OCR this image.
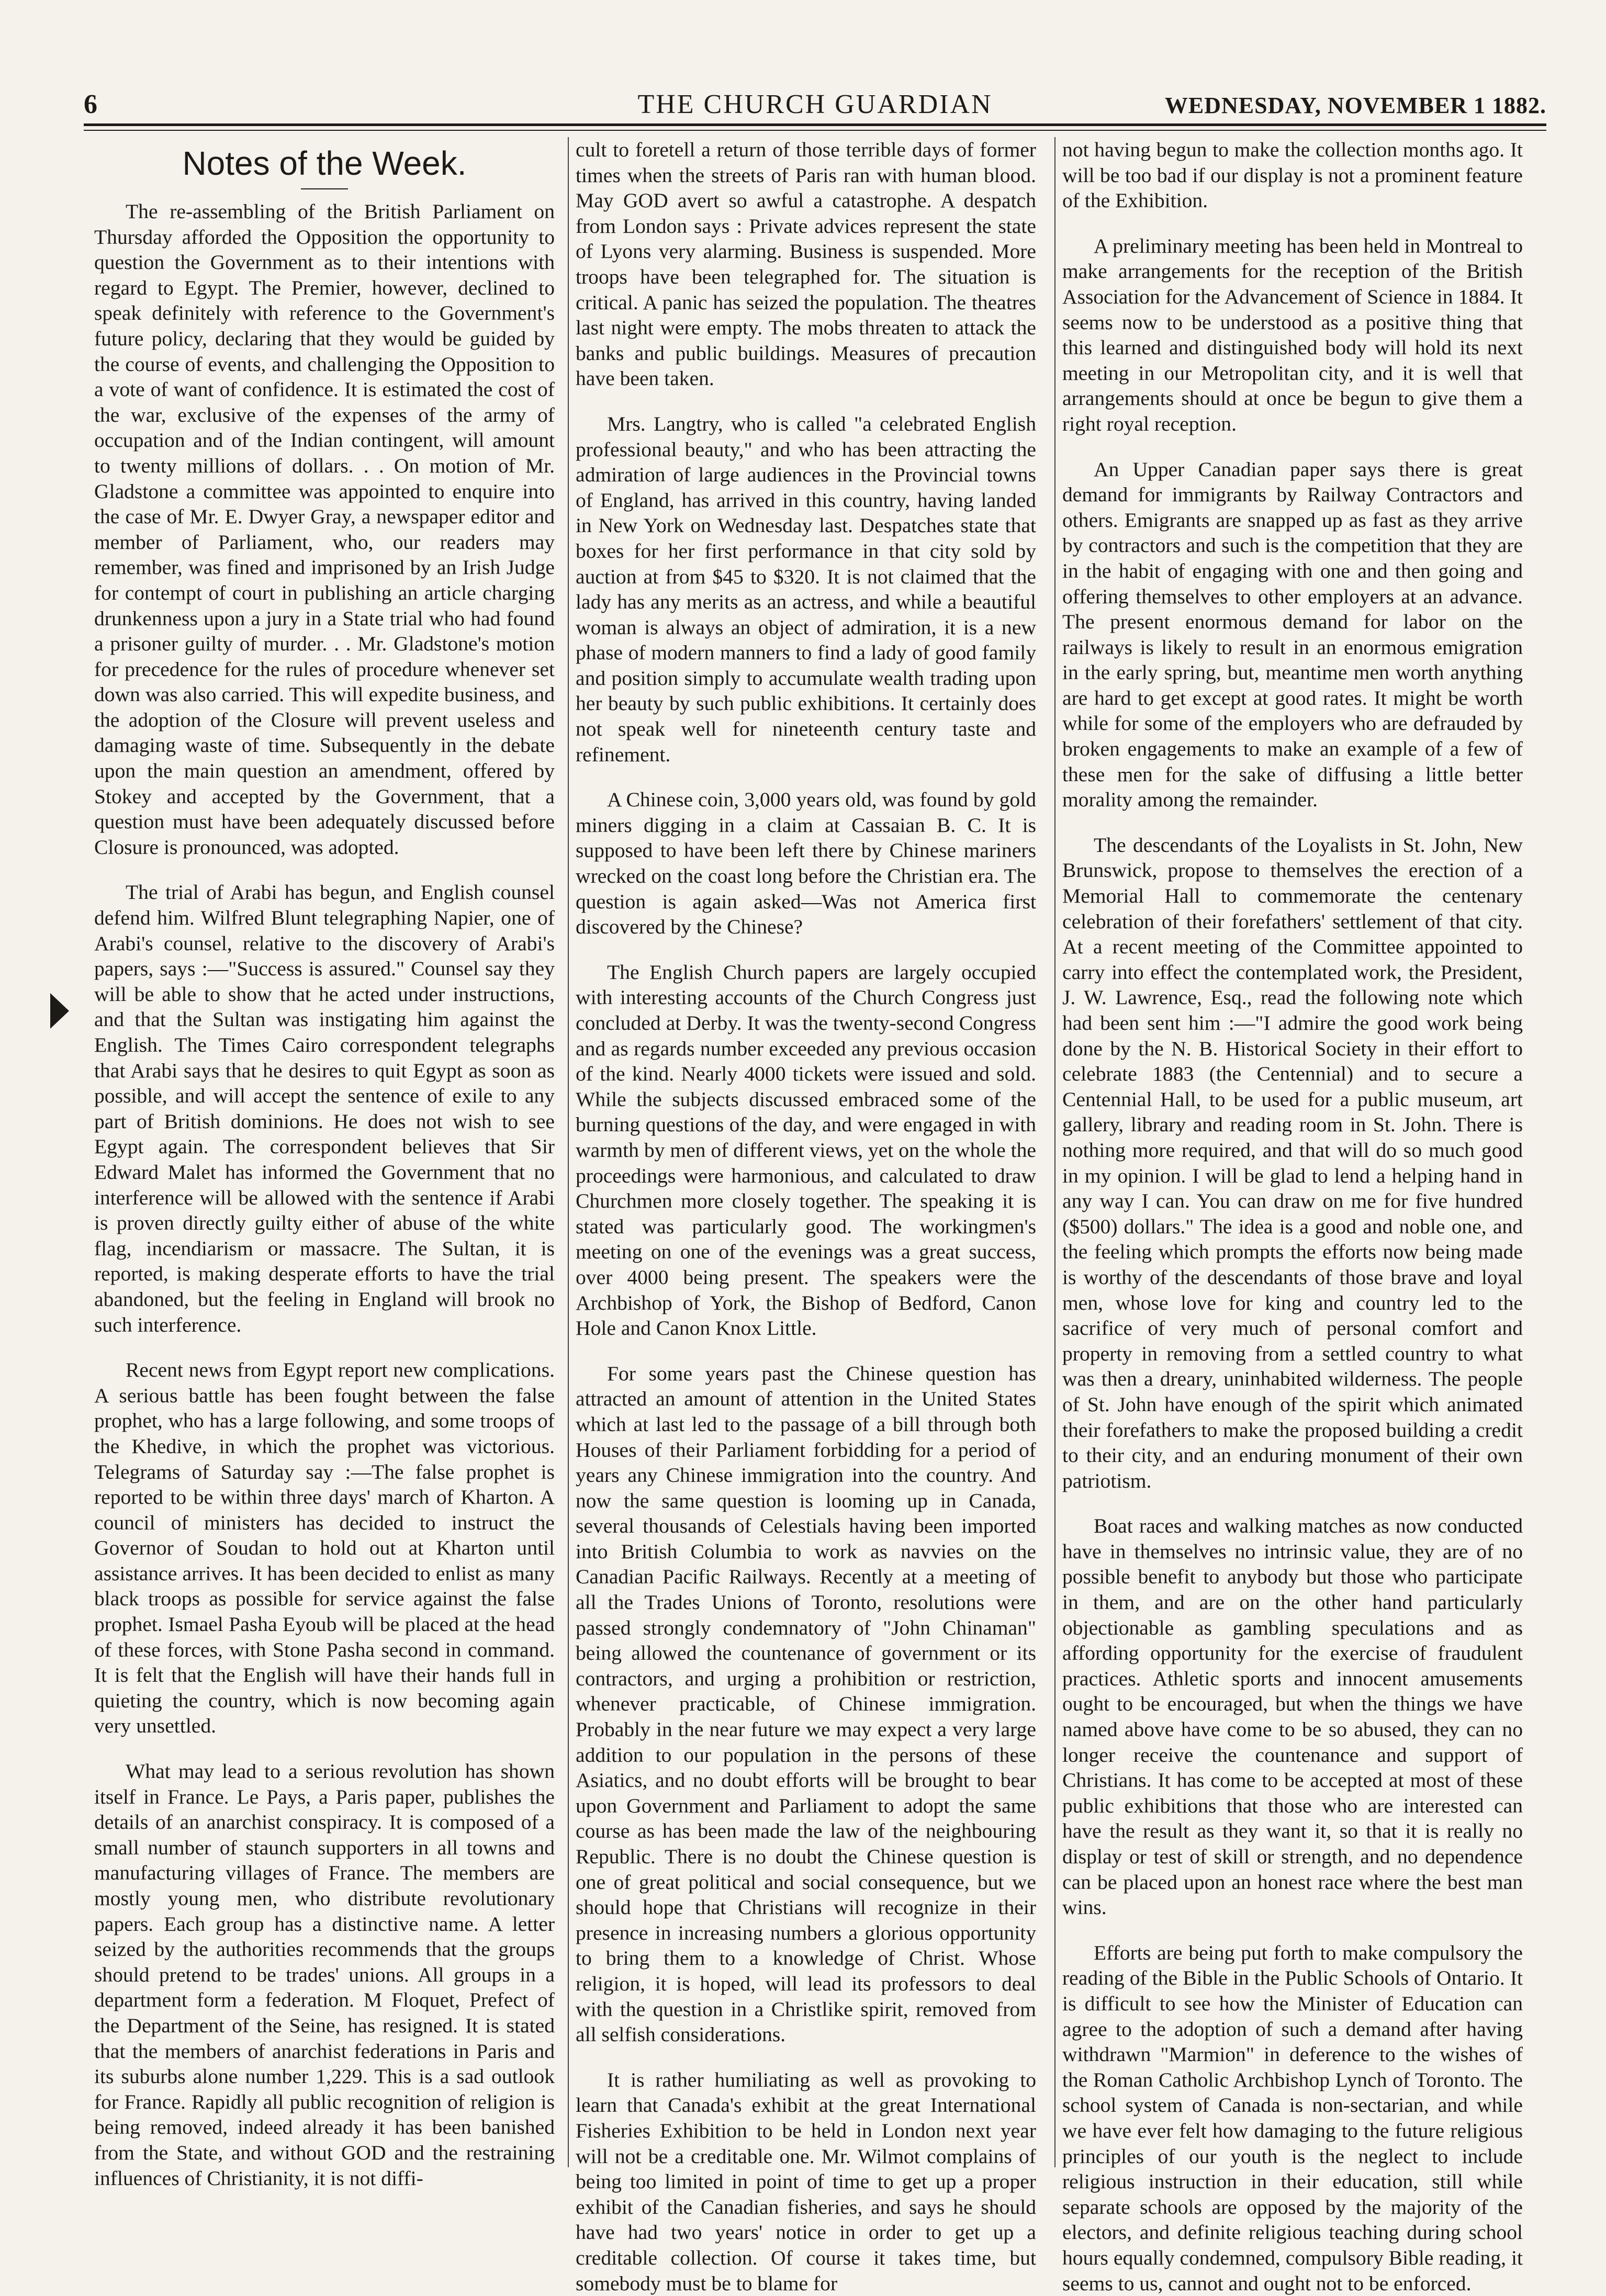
6	THE CHURCH GUARDIAN	WEDNESDAY, NOVEMBER 1 1882.
Notes of the Week.

The re-assembling of the British Parliament on Thursday afforded the Opposition the opportunity to question the Government as to their intentions with regard to Egypt. The Premier, however, declined to speak definitely with reference to the Government's future policy, declaring that they would be guided by the course of events, and challenging the Opposition to a vote of want of confidence. It is estimated the cost of the war, exclusive of the expenses of the army of occupation and of the Indian contingent, will amount to twenty millions of dollars. . . On motion of Mr. Gladstone a committee was appointed to enquire into the case of Mr. E. Dwyer Gray, a newspaper editor and member of Parliament, who, our readers may remember, was fined and imprisoned by an Irish Judge for contempt of court in publishing an article charging drunkenness upon a jury in a State trial who had found a prisoner guilty of murder. . . Mr. Gladstone's motion for precedence for the rules of procedure whenever set down was also carried. This will expedite business, and the adoption of the Closure will prevent useless and damaging waste of time. Subsequently in the debate upon the main question an amendment, offered by Stokey and accepted by the Government, that a question must have been adequately discussed before Closure is pronounced, was adopted.

The trial of Arabi has begun, and English counsel defend him. Wilfred Blunt telegraphing Napier, one of Arabi's counsel, relative to the discovery of Arabi's papers, says :—"Success is assured." Counsel say they will be able to show that he acted under instructions, and that the Sultan was instigating him against the English. The Times Cairo correspondent telegraphs that Arabi says that he desires to quit Egypt as soon as possible, and will accept the sentence of exile to any part of British dominions. He does not wish to see Egypt again. The correspondent believes that Sir Edward Malet has informed the Government that no interference will be allowed with the sentence if Arabi is proven directly guilty either of abuse of the white flag, incendiarism or massacre. The Sultan, it is reported, is making desperate efforts to have the trial abandoned, but the feeling in England will brook no such interference.

Recent news from Egypt report new complications. A serious battle has been fought between the false prophet, who has a large following, and some troops of the Khedive, in which the prophet was victorious. Telegrams of Saturday say :—The false prophet is reported to be within three days' march of Kharton. A council of ministers has decided to instruct the Governor of Soudan to hold out at Kharton until assistance arrives. It has been decided to enlist as many black troops as possible for service against the false prophet. Ismael Pasha Eyoub will be placed at the head of these forces, with Stone Pasha second in command. It is felt that the English will have their hands full in quieting the country, which is now becoming again very unsettled.

What may lead to a serious revolution has shown itself in France. Le Pays, a Paris paper, publishes the details of an anarchist conspiracy. It is composed of a small number of staunch supporters in all towns and manufacturing villages of France. The members are mostly young men, who distribute revolutionary papers. Each group has a distinctive name. A letter seized by the authorities recommends that the groups should pretend to be trades' unions. All groups in a department form a federation. M Floquet, Prefect of the Department of the Seine, has resigned. It is stated that the members of anarchist federations in Paris and its suburbs alone number 1,229. This is a sad outlook for France. Rapidly all public recognition of religion is being removed, indeed already it has been banished from the State, and without GOD and the restraining influences of Christianity, it is not diffi-

cult to foretell a return of those terrible days of former times when the streets of Paris ran with human blood. May GOD avert so awful a catastrophe. A despatch from London says : Private advices represent the state of Lyons very alarming. Business is suspended. More troops have been telegraphed for. The situation is critical. A panic has seized the population. The theatres last night were empty. The mobs threaten to attack the banks and public buildings. Measures of precaution have been taken.

Mrs. Langtry, who is called "a celebrated English professional beauty," and who has been attracting the admiration of large audiences in the Provincial towns of England, has arrived in this country, having landed in New York on Wednesday last. Despatches state that boxes for her first performance in that city sold by auction at from $45 to $320. It is not claimed that the lady has any merits as an actress, and while a beautiful woman is always an object of admiration, it is a new phase of modern manners to find a lady of good family and position simply to accumulate wealth trading upon her beauty by such public exhibitions. It certainly does not speak well for nineteenth century taste and refinement.

A Chinese coin, 3,000 years old, was found by gold miners digging in a claim at Cassaian B. C. It is supposed to have been left there by Chinese mariners wrecked on the coast long before the Christian era. The question is again asked—Was not America first discovered by the Chinese?

The English Church papers are largely occupied with interesting accounts of the Church Congress just concluded at Derby. It was the twenty-second Congress and as regards number exceeded any previous occasion of the kind. Nearly 4000 tickets were issued and sold. While the subjects discussed embraced some of the burning questions of the day, and were engaged in with warmth by men of different views, yet on the whole the proceedings were harmonious, and calculated to draw Churchmen more closely together. The speaking it is stated was particularly good. The workingmen's meeting on one of the evenings was a great success, over 4000 being present. The speakers were the Archbishop of York, the Bishop of Bedford, Canon Hole and Canon Knox Little.

For some years past the Chinese question has attracted an amount of attention in the United States which at last led to the passage of a bill through both Houses of their Parliament forbidding for a period of years any Chinese immigration into the country. And now the same question is looming up in Canada, several thousands of Celestials having been imported into British Columbia to work as navvies on the Canadian Pacific Railways. Recently at a meeting of all the Trades Unions of Toronto, resolutions were passed strongly condemnatory of "John Chinaman" being allowed the countenance of government or its contractors, and urging a prohibition or restriction, whenever practicable, of Chinese immigration. Probably in the near future we may expect a very large addition to our population in the persons of these Asiatics, and no doubt efforts will be brought to bear upon Government and Parliament to adopt the same course as has been made the law of the neighbouring Republic. There is no doubt the Chinese question is one of great political and social consequence, but we should hope that Christians will recognize in their presence in increasing numbers a glorious opportunity to bring them to a knowledge of Christ. Whose religion, it is hoped, will lead its professors to deal with the question in a Christlike spirit, removed from all selfish considerations.

It is rather humiliating as well as provoking to learn that Canada's exhibit at the great International Fisheries Exhibition to be held in London next year will not be a creditable one. Mr. Wilmot complains of being too limited in point of time to get up a proper exhibit of the Canadian fisheries, and says he should have had two years' notice in order to get up a creditable collection. Of course it takes time, but somebody must be to blame for

not having begun to make the collection months ago. It will be too bad if our display is not a prominent feature of the Exhibition.

A preliminary meeting has been held in Montreal to make arrangements for the reception of the British Association for the Advancement of Science in 1884. It seems now to be understood as a positive thing that this learned and distinguished body will hold its next meeting in our Metropolitan city, and it is well that arrangements should at once be begun to give them a right royal reception.

An Upper Canadian paper says there is great demand for immigrants by Railway Contractors and others. Emigrants are snapped up as fast as they arrive by contractors and such is the competition that they are in the habit of engaging with one and then going and offering themselves to other employers at an advance. The present enormous demand for labor on the railways is likely to result in an enormous emigration in the early spring, but, meantime men worth anything are hard to get except at good rates. It might be worth while for some of the employers who are defrauded by broken engagements to make an example of a few of these men for the sake of diffusing a little better morality among the remainder.

The descendants of the Loyalists in St. John, New Brunswick, propose to themselves the erection of a Memorial Hall to commemorate the centenary celebration of their forefathers' settlement of that city. At a recent meeting of the Committee appointed to carry into effect the contemplated work, the President, J. W. Lawrence, Esq., read the following note which had been sent him :—"I admire the good work being done by the N. B. Historical Society in their effort to celebrate 1883 (the Centennial) and to secure a Centennial Hall, to be used for a public museum, art gallery, library and reading room in St. John. There is nothing more required, and that will do so much good in my opinion. I will be glad to lend a helping hand in any way I can. You can draw on me for five hundred ($500) dollars." The idea is a good and noble one, and the feeling which prompts the efforts now being made is worthy of the descendants of those brave and loyal men, whose love for king and country led to the sacrifice of very much of personal comfort and property in removing from a settled country to what was then a dreary, uninhabited wilderness. The people of St. John have enough of the spirit which animated their forefathers to make the proposed building a credit to their city, and an enduring monument of their own patriotism.

Boat races and walking matches as now conducted have in themselves no intrinsic value, they are of no possible benefit to anybody but those who participate in them, and are on the other hand particularly objectionable as gambling speculations and as affording opportunity for the exercise of fraudulent practices. Athletic sports and innocent amusements ought to be encouraged, but when the things we have named above have come to be so abused, they can no longer receive the countenance and support of Christians. It has come to be accepted at most of these public exhibitions that those who are interested can have the result as they want it, so that it is really no display or test of skill or strength, and no dependence can be placed upon an honest race where the best man wins.

Efforts are being put forth to make compulsory the reading of the Bible in the Public Schools of Ontario. It is difficult to see how the Minister of Education can agree to the adoption of such a demand after having withdrawn "Marmion" in deference to the wishes of the Roman Catholic Archbishop Lynch of Toronto. The school system of Canada is non-sectarian, and while we have ever felt how damaging to the future religious principles of our youth is the neglect to include religious instruction in their education, still while separate schools are opposed by the majority of the electors, and definite religious teaching during school hours equally condemned, compulsory Bible reading, it seems to us, cannot and ought not to be enforced.
